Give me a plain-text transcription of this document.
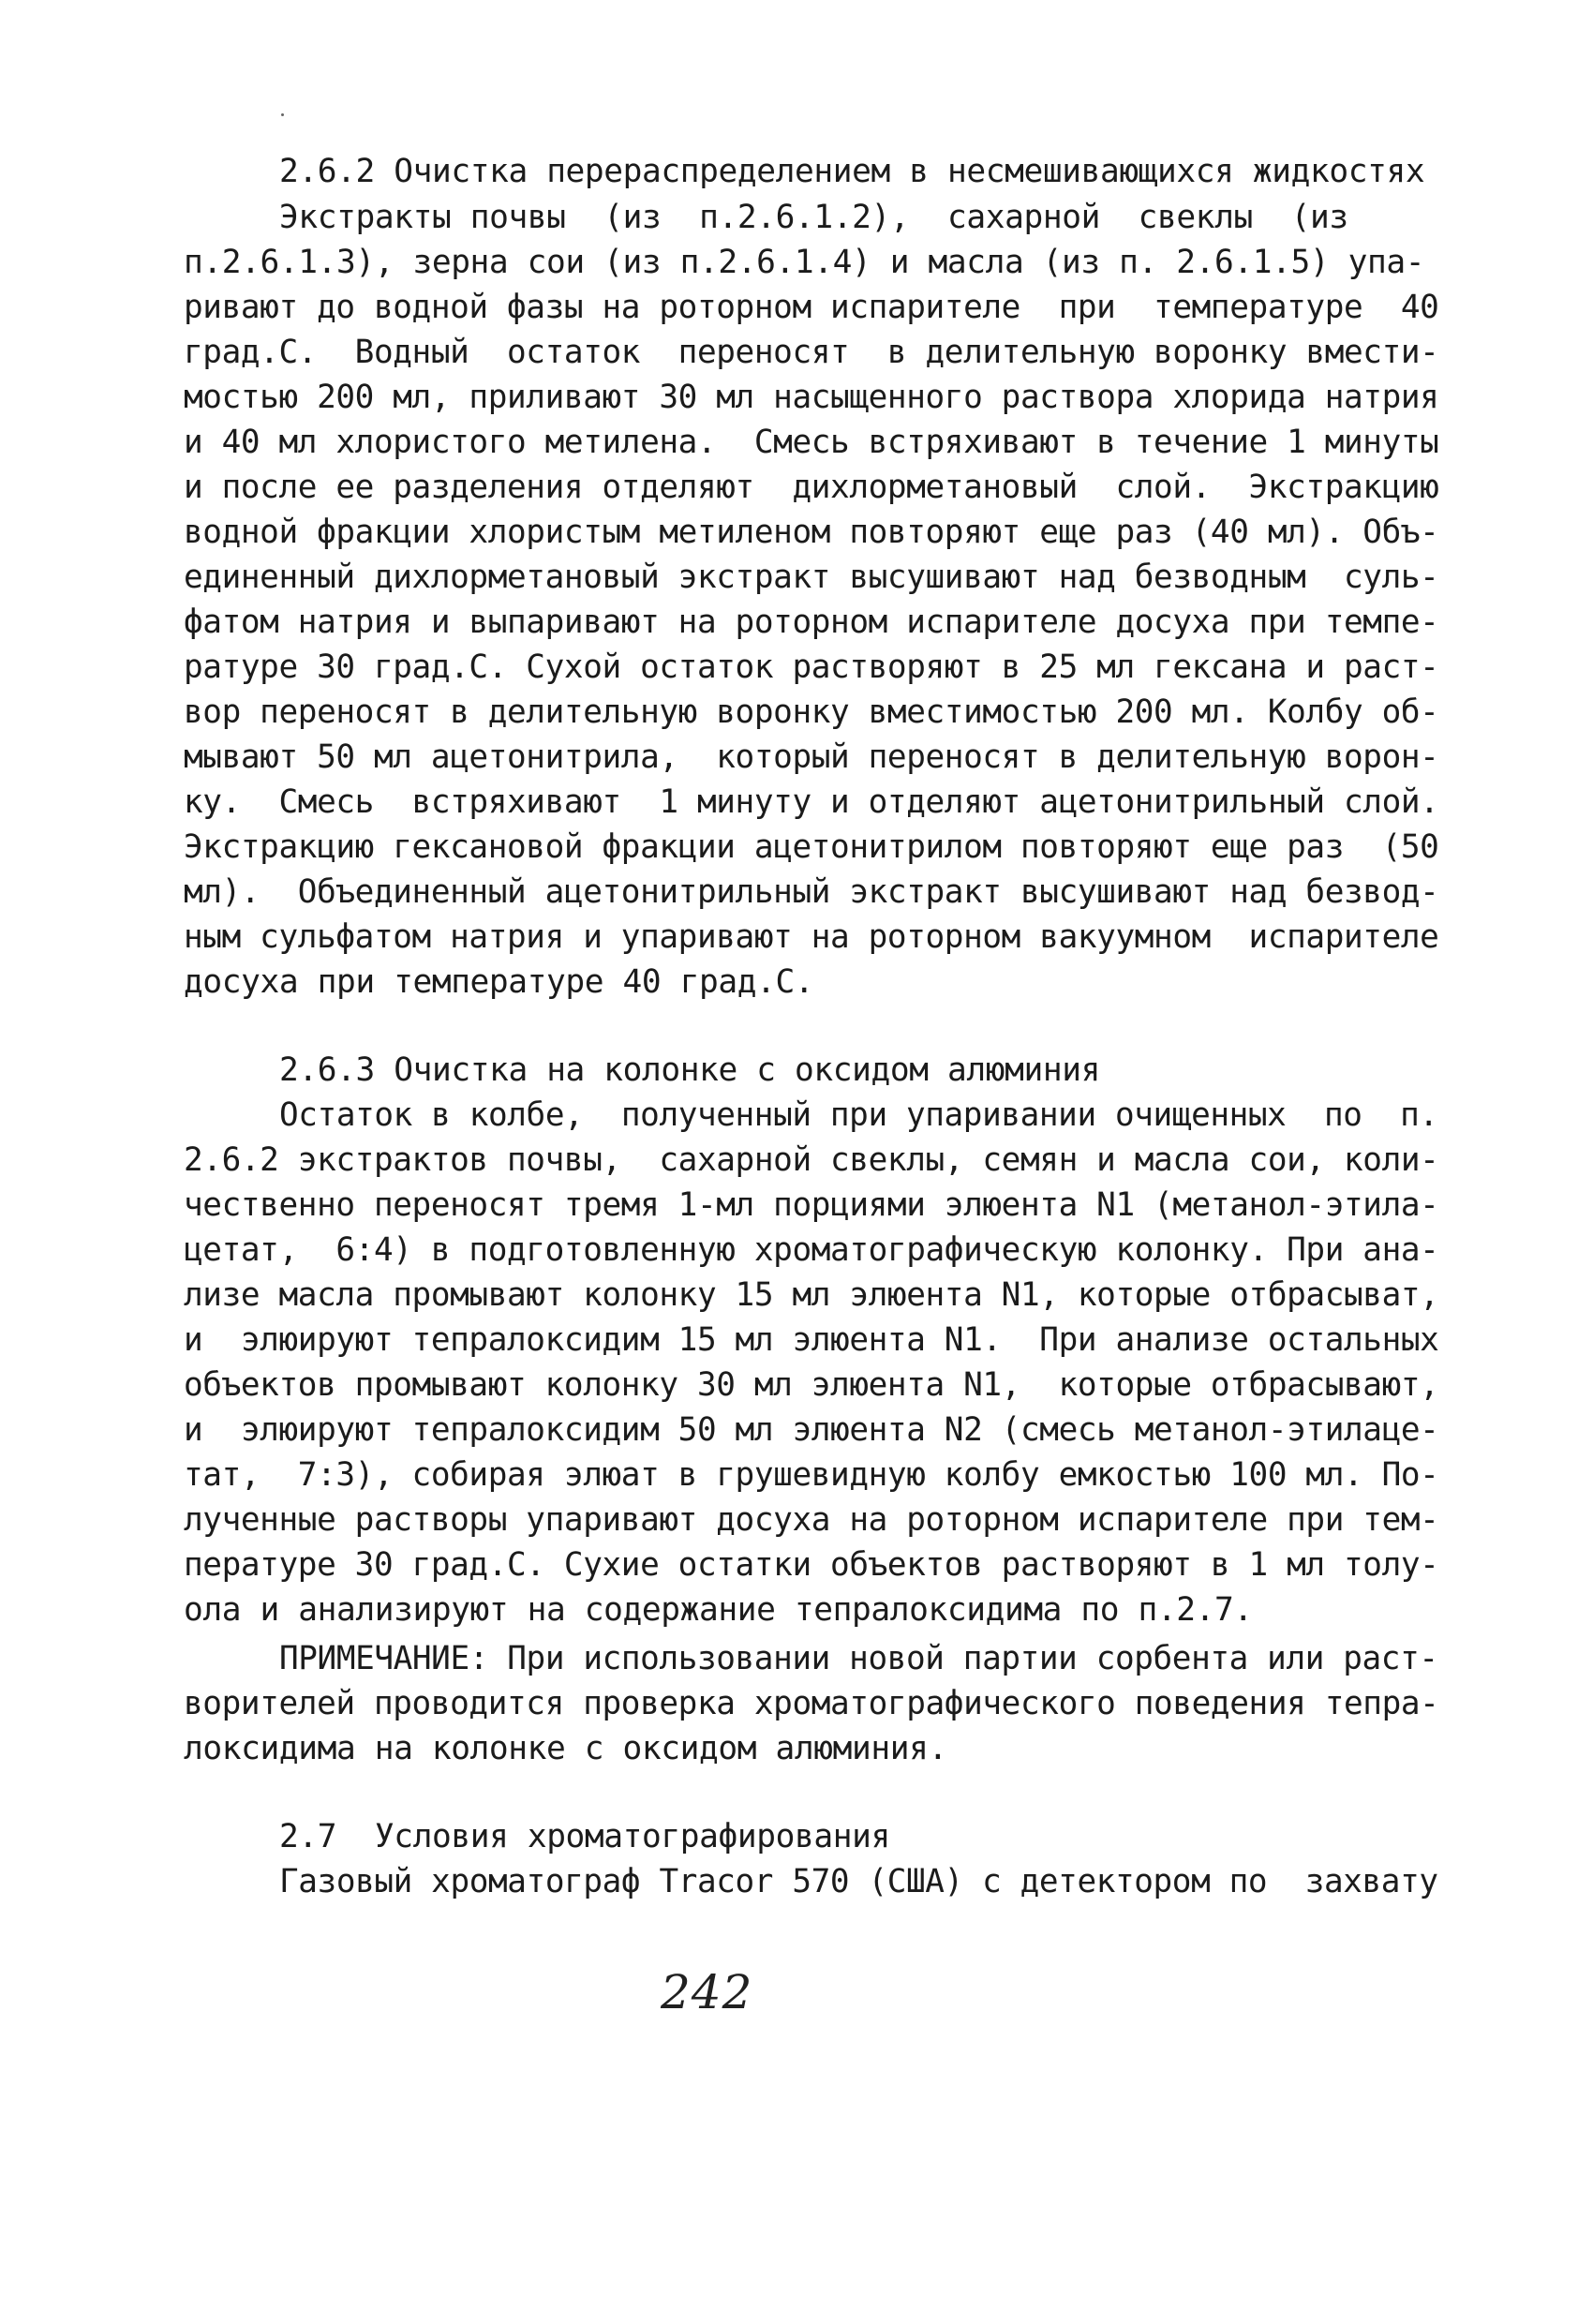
2.6.2 Очистка перераспределением в несмешивающихся жидкостях
Экстракты почвы  (из  п.2.6.1.2),  сахарной  свеклы  (из
п.2.6.1.3), зерна сои (из п.2.6.1.4) и масла (из п. 2.6.1.5) упа-
ривают до водной фазы на роторном испарителе  при  температуре  40
град.С.  Водный  остаток  переносят  в делительную воронку вмести-
мостью 200 мл, приливают 30 мл насыщенного раствора хлорида натрия
и 40 мл хлористого метилена.  Смесь встряхивают в течение 1 минуты
и после ее разделения отделяют  дихлорметановый  слой.  Экстракцию
водной фракции хлористым метиленом повторяют еще раз (40 мл). Объ-
единенный дихлорметановый экстракт высушивают над безводным  суль-
фатом натрия и выпаривают на роторном испарителе досуха при темпе-
ратуре 30 град.С. Сухой остаток растворяют в 25 мл гексана и раст-
вор переносят в делительную воронку вместимостью 200 мл. Колбу об-
мывают 50 мл ацетонитрила,  который переносят в делительную ворон-
ку.  Смесь  встряхивают  1 минуту и отделяют ацетонитрильный слой.
Экстракцию гексановой фракции ацетонитрилом повторяют еще раз  (50
мл).  Объединенный ацетонитрильный экстракт высушивают над безвод-
ным сульфатом натрия и упаривают на роторном вакуумном  испарителе
досуха при температуре 40 град.С.
2.6.3 Очистка на колонке с оксидом алюминия
Остаток в колбе,  полученный при упаривании очищенных  по  п.
2.6.2 экстрактов почвы,  сахарной свеклы, семян и масла сои, коли-
чественно переносят тремя 1-мл порциями элюента N1 (метанол-этила-
цетат,  6:4) в подготовленную хроматографическую колонку. При ана-
лизе масла промывают колонку 15 мл элюента N1, которые отбрасыват,
и  элюируют тепралоксидим 15 мл элюента N1.  При анализе остальных
объектов промывают колонку 30 мл элюента N1,  которые отбрасывают,
и  элюируют тепралоксидим 50 мл элюента N2 (смесь метанол-этилаце-
тат,  7:3), собирая элюат в грушевидную колбу емкостью 100 мл. По-
лученные растворы упаривают досуха на роторном испарителе при тем-
пературе 30 град.С. Сухие остатки объектов растворяют в 1 мл толу-
ола и анализируют на содержание тепралоксидима по п.2.7.
ПРИМЕЧАНИЕ: При использовании новой партии сорбента или раст-
ворителей проводится проверка хроматографического поведения тепра-
локсидима на колонке с оксидом алюминия.
2.7  Условия хроматографирования
Газовый хроматограф Tracor 570 (США) с детектором по  захвату
242
